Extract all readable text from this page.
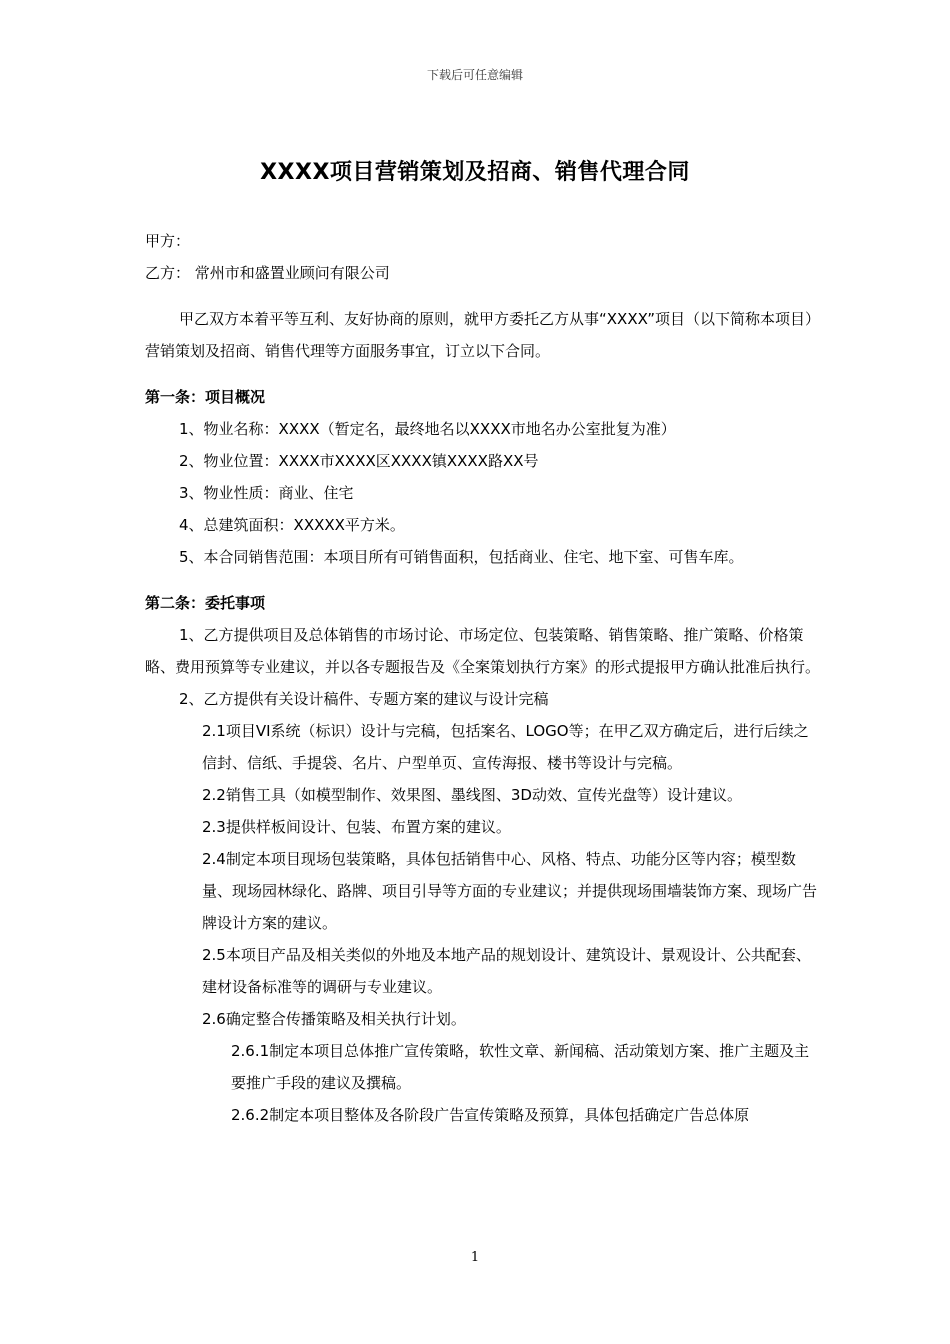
下载后可任意编辑
XXXX项目营销策划及招商、销售代理合同

甲方：

乙方： 常州市和盛置业顾问有限公司

甲乙双方本着平等互利、友好协商的原则，就甲方委托乙方从事“XXXX”项目（以下简称本项目）营销策划及招商、销售代理等方面服务事宜，订立以下合同。

第一条：项目概况

1、物业名称：XXXX（暂定名，最终地名以XXXX市地名办公室批复为准）

2、物业位置：XXXX市XXXX区XXXX镇XXXX路XX号

3、物业性质：商业、住宅

4、总建筑面积：XXXXX平方米。

5、本合同销售范围：本项目所有可销售面积，包括商业、住宅、地下室、可售车库。

第二条：委托事项

1、乙方提供项目及总体销售的市场讨论、市场定位、包装策略、销售策略、推广策略、价格策略、费用预算等专业建议，并以各专题报告及《全案策划执行方案》的形式提报甲方确认批准后执行。

2、乙方提供有关设计稿件、专题方案的建议与设计完稿

2.1项目VI系统（标识）设计与完稿，包括案名、LOGO等；在甲乙双方确定后，进行后续之信封、信纸、手提袋、名片、户型单页、宣传海报、楼书等设计与完稿。

2.2销售工具（如模型制作、效果图、墨线图、3D动效、宣传光盘等）设计建议。

2.3提供样板间设计、包装、布置方案的建议。

2.4制定本项目现场包装策略，具体包括销售中心、风格、特点、功能分区等内容；模型数量、现场园林绿化、路牌、项目引导等方面的专业建议；并提供现场围墙装饰方案、现场广告牌设计方案的建议。

2.5本项目产品及相关类似的外地及本地产品的规划设计、建筑设计、景观设计、公共配套、建材设备标准等的调研与专业建议。

2.6确定整合传播策略及相关执行计划。

2.6.1制定本项目总体推广宣传策略，软性文章、新闻稿、活动策划方案、推广主题及主要推广手段的建议及撰稿。

2.6.2制定本项目整体及各阶段广告宣传策略及预算，具体包括确定广告总体原

1
